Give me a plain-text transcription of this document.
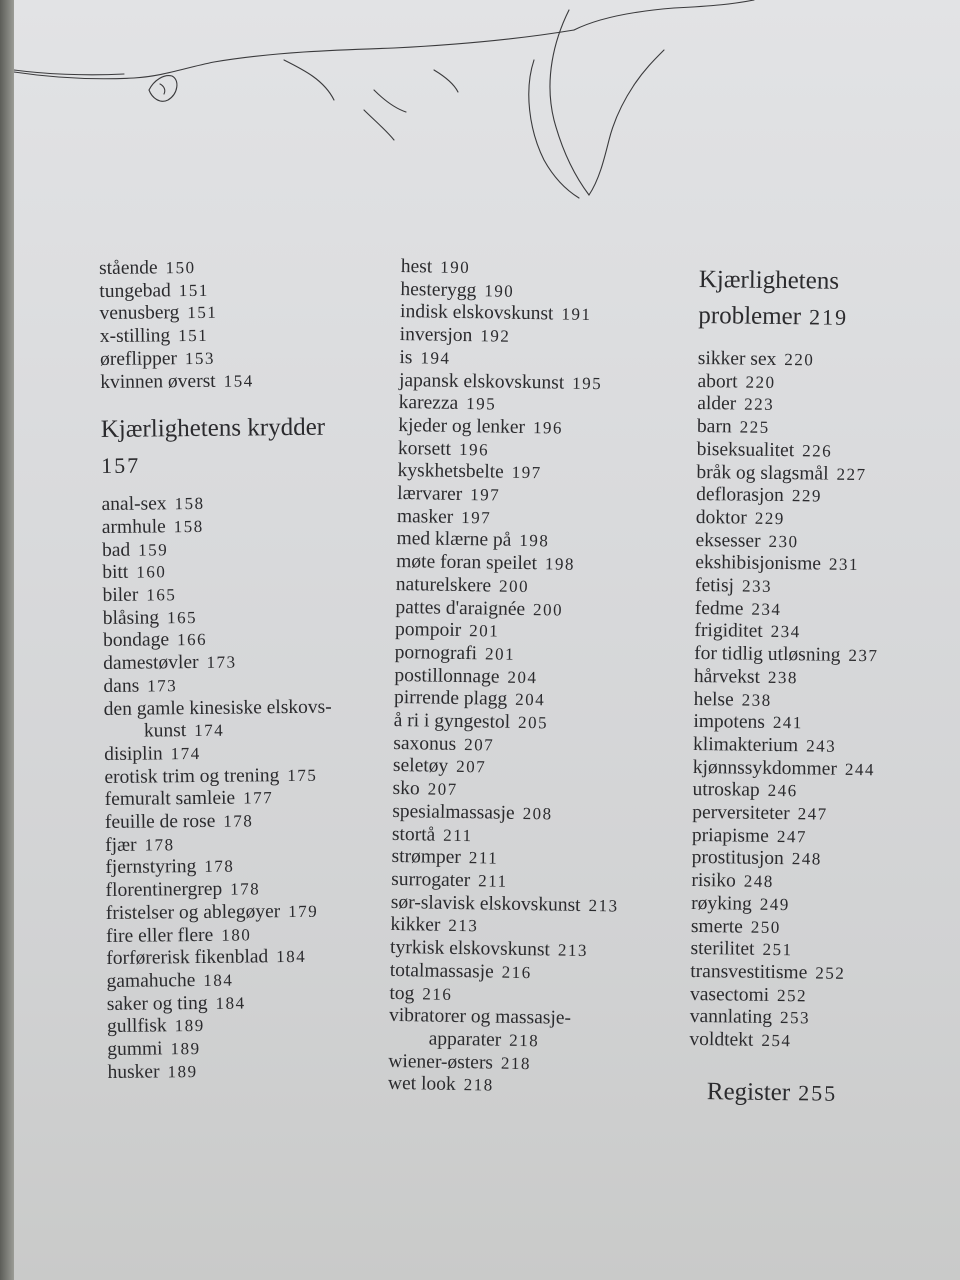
stående 150
tungebad 151
venusberg 151
x-stilling 151
øreflipper 153
kvinnen øverst 154
Kjærlighetens krydder
157
anal-sex 158
armhule 158
bad 159
bitt 160
biler 165
blåsing 165
bondage 166
damestøvler 173
dans 173
den gamle kinesiske elskovs-
kunst 174
disiplin 174
erotisk trim og trening 175
femuralt samleie 177
feuille de rose 178
fjær 178
fjernstyring 178
florentinergrep 178
fristelser og ablegøyer 179
fire eller flere 180
forførerisk fikenblad 184
gamahuche 184
saker og ting 184
gullfisk 189
gummi 189
husker 189
hest 190
hesterygg 190
indisk elskovskunst 191
inversjon 192
is 194
japansk elskovskunst 195
karezza 195
kjeder og lenker 196
korsett 196
kyskhetsbelte 197
lærvarer 197
masker 197
med klærne på 198
møte foran speilet 198
naturelskere 200
pattes d'araignée 200
pompoir 201
pornografi 201
postillonnage 204
pirrende plagg 204
å ri i gyngestol 205
saxonus 207
seletøy 207
sko 207
spesialmassasje 208
stortå 211
strømper 211
surrogater 211
sør-slavisk elskovskunst 213
kikker 213
tyrkisk elskovskunst 213
totalmassasje 216
tog 216
vibratorer og massasje-
apparater 218
wiener-østers 218
wet look 218
Kjærlighetens
problemer 219
sikker sex 220
abort 220
alder 223
barn 225
biseksualitet 226
bråk og slagsmål 227
deflorasjon 229
doktor 229
eksesser 230
ekshibisjonisme 231
fetisj 233
fedme 234
frigiditet 234
for tidlig utløsning 237
hårvekst 238
helse 238
impotens 241
klimakterium 243
kjønnssykdommer 244
utroskap 246
perversiteter 247
priapisme 247
prostitusjon 248
risiko 248
røyking 249
smerte 250
sterilitet 251
transvestitisme 252
vasectomi 252
vannlating 253
voldtekt 254
Register 255
